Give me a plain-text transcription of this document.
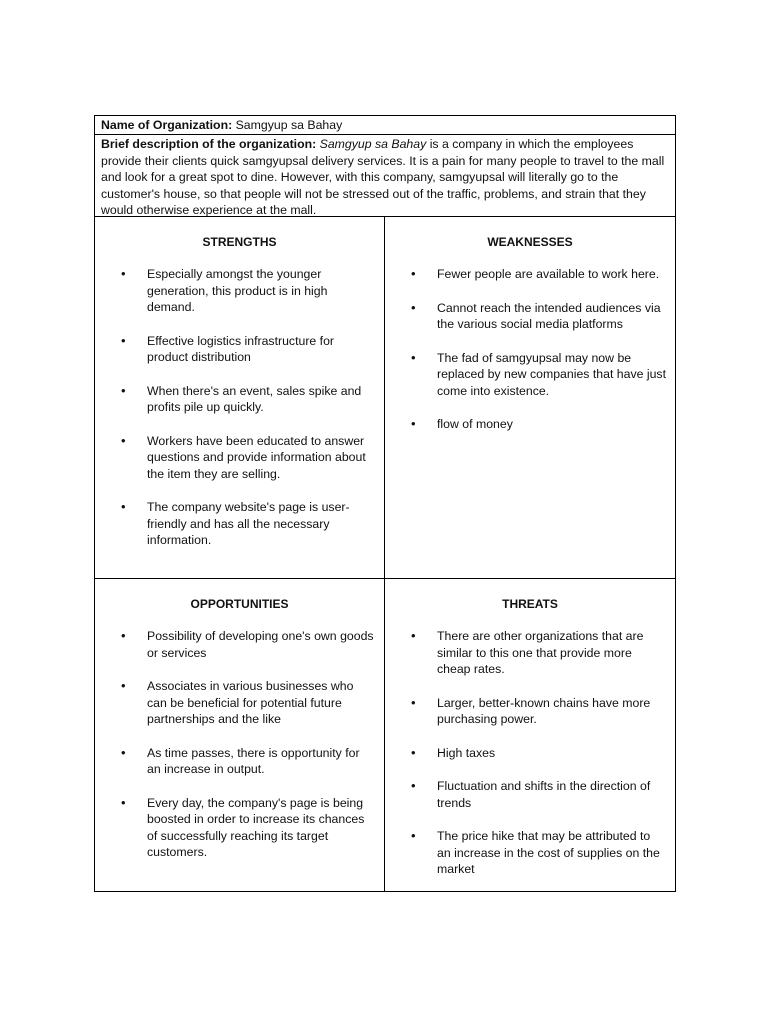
Name of Organization: Samgyup sa Bahay
Brief description of the organization: Samgyup sa Bahay is a company in which the employees provide their clients quick samgyupsal delivery services. It is a pain for many people to travel to the mall and look for a great spot to dine. However, with this company, samgyupsal will literally go to the customer's house, so that people will not be stressed out of the traffic, problems, and strain that they would otherwise experience at the mall.
STRENGTHS
• Especially amongst the younger generation, this product is in high demand.
• Effective logistics infrastructure for product distribution
• When there's an event, sales spike and profits pile up quickly.
• Workers have been educated to answer questions and provide information about the item they are selling.
• The company website's page is user-friendly and has all the necessary information.
WEAKNESSES
• Fewer people are available to work here.
• Cannot reach the intended audiences via the various social media platforms
• The fad of samgyupsal may now be replaced by new companies that have just come into existence.
• flow of money
OPPORTUNITIES
• Possibility of developing one's own goods or services
• Associates in various businesses who can be beneficial for potential future partnerships and the like
• As time passes, there is opportunity for an increase in output.
• Every day, the company's page is being boosted in order to increase its chances of successfully reaching its target customers.
THREATS
• There are other organizations that are similar to this one that provide more cheap rates.
• Larger, better-known chains have more purchasing power.
• High taxes
• Fluctuation and shifts in the direction of trends
• The price hike that may be attributed to an increase in the cost of supplies on the market
